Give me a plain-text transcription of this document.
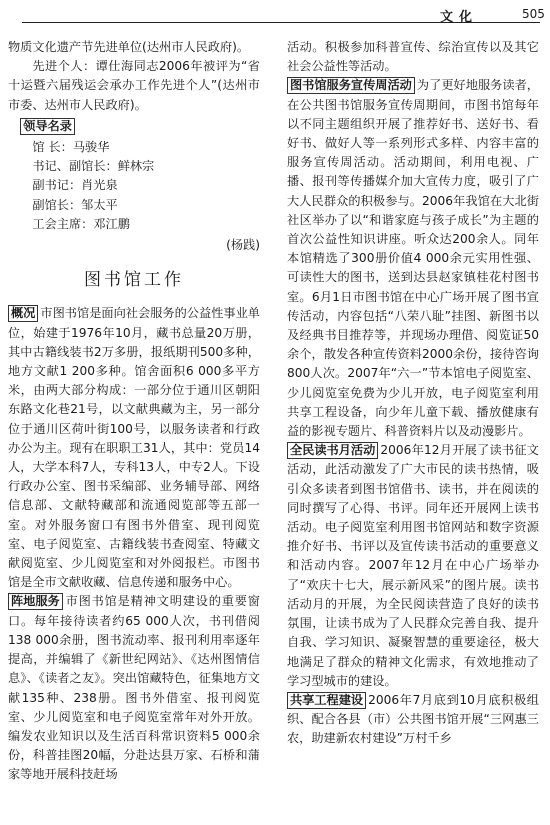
文化	505

物质文化遗产节先进单位(达州市人民政府)。

先进个人：谭仕海同志2006年被评为“省十运暨六届残运会承办工作先进个人”(达州市市委、达州市人民政府)。

领导名录

馆 长：马骏华

书记、副馆长：鲜林宗

副书记：肖光泉

副馆长：邹太平

工会主席：邓江鹏

(杨践)

图书馆工作

概况 市图书馆是面向社会服务的公益性事业单位，始建于1976年10月，藏书总量20万册，其中古籍线装书2万多册，报纸期刊500多种，地方文献1 200多种。馆舍面积6 000多平方米，由两大部分构成：一部分位于通川区朝阳东路文化巷21号，以文献典藏为主，另一部分位于通川区荷叶街100号，以服务读者和行政办公为主。现有在职职工31人，其中：党员14人，大学本科7人，专科13人，中专2人。下设行政办公室、图书采编部、业务辅导部、网络信息部、文献特藏部和流通阅览部等五部一室。对外服务窗口有图书外借室、现刊阅览室、电子阅览室、古籍线装书查阅室、特藏文献阅览室、少儿阅览室和对外阅报栏。市图书馆是全市文献收藏、信息传递和服务中心。

阵地服务 市图书馆是精神文明建设的重要窗口。每年接待读者约65 000人次，书刊借阅138 000余册，图书流动率、报刊利用率逐年提高，并编辑了《新世纪网站》、《达州图情信息》、《读者之友》。突出馆藏特色，征集地方文献135种、238册。图书外借室、报刊阅览室、少儿阅览室和电子阅览室常年对外开放。编发农业知识以及生活百科常识资料5 000余份，科普挂图20幅，分赴达县万家、石桥和蒲家等地开展科技赶场

活动。积极参加科普宣传、综治宣传以及其它社会公益性等活动。

图书馆服务宣传周活动 为了更好地服务读者，在公共图书馆服务宣传周期间，市图书馆每年以不同主题组织开展了推荐好书、送好书、看好书、做好人等一系列形式多样、内容丰富的服务宣传周活动。活动期间，利用电视、广播、报刊等传播媒介加大宣传力度，吸引了广大人民群众的积极参与。2006年我馆在大北街社区举办了以“和谐家庭与孩子成长”为主题的首次公益性知识讲座。听众达200余人。同年本馆精选了300册价值4 000余元实用性强、可读性大的图书，送到达县赵家镇桂花村图书室。6月1日市图书馆在中心广场开展了图书宣传活动，内容包括“八荣八耻”挂图、新图书以及经典书目推荐等，并现场办理借、阅览证50余个，散发各种宣传资料2000余份，接待咨询800人次。2007年“六一”节本馆电子阅览室、少儿阅览室免费为少儿开放，电子阅览室利用共享工程设备，向少年儿童下载、播放健康有益的影视专题片、科普资料片以及动漫影片。

全民读书月活动 2006年12月开展了读书征文活动，此活动激发了广大市民的读书热情，吸引众多读者到图书馆借书、读书，并在阅读的同时撰写了心得、书评。同年还开展网上读书活动。电子阅览室利用图书馆网站和数字资源推介好书、书评以及宣传读书活动的重要意义和活动内容。2007年12月在中心广场举办了“欢庆十七大，展示新风采”的图片展。读书活动月的开展，为全民阅读营造了良好的读书氛围，让读书成为了人民群众完善自我、提升自我、学习知识、凝聚智慧的重要途径，极大地满足了群众的精神文化需求，有效地推动了学习型城市的建设。

共享工程建设 2006年7月底到10月底积极组织、配合各县（市）公共图书馆开展“三网惠三农，助建新农村建设”万村千乡
